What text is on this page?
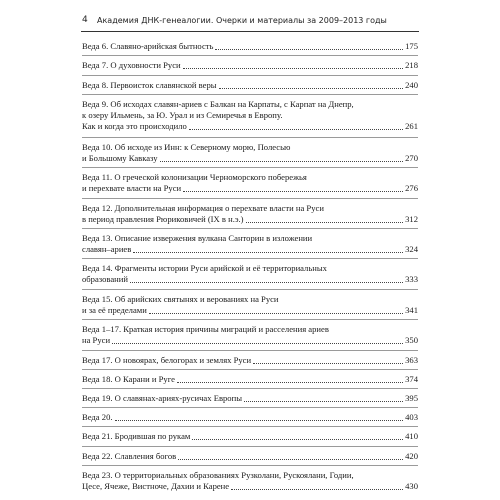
4 Академия ДНК-генеалогии. Очерки и материалы за 2009–2013 годы
Веда 6. Славяно-арийская бытность	175
Веда 7. О духовности Руси	218
Веда 8. Первоисток славянской веры	240
Веда 9. Об исходах славян-ариев с Балкан на Карпаты, с Карпат на Днепр,
к озеру Ильмень, за Ю. Урал и из Семиречья в Европу.
Как и когда это происходило	261
Веда 10. Об исходе из Инн: к Северному морю, Полесью
и Большому Кавказу	270
Веда 11. О греческой колонизации Черноморского побережья
и перехвате власти на Руси	276
Веда 12. Дополнительная информация о перехвате власти на Руси
в период правления Рюриковичей (IX в н.э.)	312
Веда 13. Описание извержения вулкана Санторин в изложении
славян–ариев	324
Веда 14. Фрагменты истории Руси арийской и её территориальных
образований	333
Веда 15. Об арийских святынях и верованиях на Руси
и за её пределами	341
Веда 1–17. Краткая история причины миграций и расселения ариев
на Руси	350
Веда 17. О новоярах, белогорах и землях Руси	363
Веда 18. О Карани и Руге	374
Веда 19. О славянах-ариях-русичах Европы	395
Веда 20.	403
Веда 21. Бродившая по рукам	410
Веда 22. Славления богов	420
Веда 23. О территориальных образованиях Рузколани, Рускоялани, Годии,
Цесе, Ячеже, Вистноче, Дахии и Карене	430
